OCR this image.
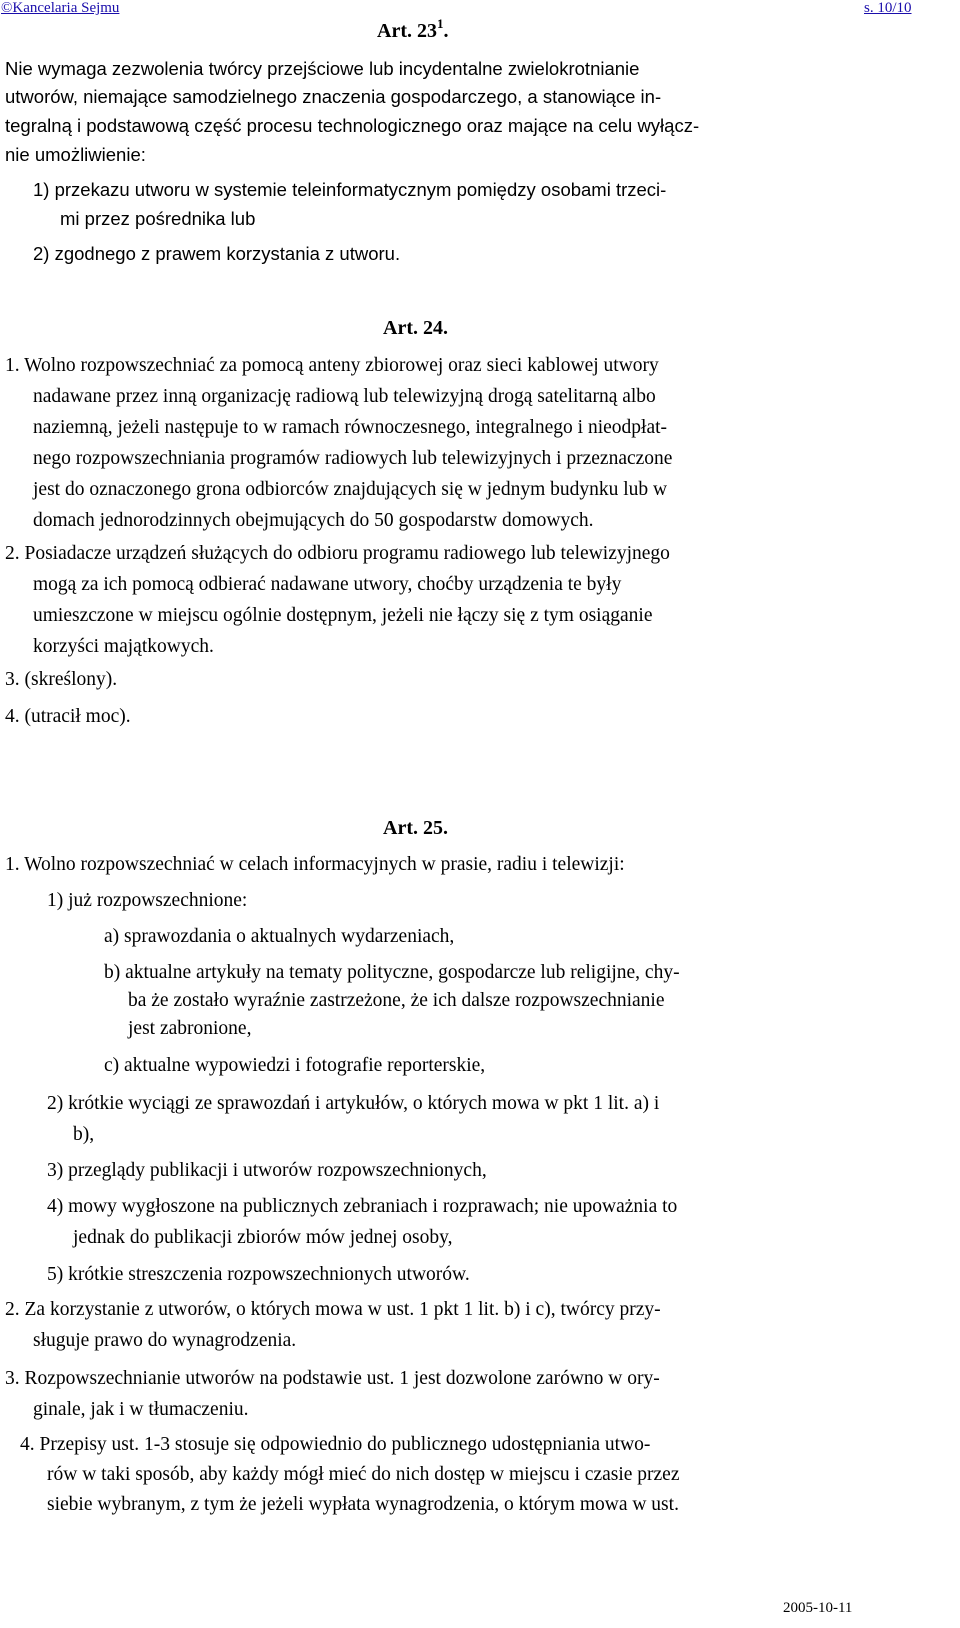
©Kancelaria Sejmu	s. 10/10
Art. $23^1$.
Nie wymaga zezwolenia twórcy przejściowe lub incydentalne zwielokrotnianie
utworów, niemające samodzielnego znaczenia gospodarczego, a stanowiące in-
tegralną i podstawową część procesu technologicznego oraz mające na celu wyłącz-
nie umożliwienie:
1) przekazu utworu w systemie teleinformatycznym pomiędzy osobami trzeci-
mi przez pośrednika lub
2) zgodnego z prawem korzystania z utworu.
Art. 24.
1. Wolno rozpowszechniać za pomocą anteny zbiorowej oraz sieci kablowej utwory
nadawane przez inną organizację radiową lub telewizyjną drogą satelitarną albo
naziemną, jeżeli następuje to w ramach równoczesnego, integralnego i nieodpłat-
nego rozpowszechniania programów radiowych lub telewizyjnych i przeznaczone
jest do oznaczonego grona odbiorców znajdujących się w jednym budynku lub w
domach jednorodzinnych obejmujących do 50 gospodarstw domowych.
2. Posiadacze urządzeń służących do odbioru programu radiowego lub telewizyjnego
mogą za ich pomocą odbierać nadawane utwory, choćby urządzenia te były
umieszczone w miejscu ogólnie dostępnym, jeżeli nie łączy się z tym osiąganie
korzyści majątkowych.
3. (skreślony).
4. (utracił moc).
Art. 25.
1. Wolno rozpowszechniać w celach informacyjnych w prasie, radiu i telewizji:
1) już rozpowszechnione:
a) sprawozdania o aktualnych wydarzeniach,
b) aktualne artykuły na tematy polityczne, gospodarcze lub religijne, chy-
ba że zostało wyraźnie zastrzeżone, że ich dalsze rozpowszechnianie
jest zabronione,
c) aktualne wypowiedzi i fotografie reporterskie,
2) krótkie wyciągi ze sprawozdań i artykułów, o których mowa w pkt 1 lit. a) i
b),
3) przeglądy publikacji i utworów rozpowszechnionych,
4) mowy wygłoszone na publicznych zebraniach i rozprawach; nie upoważnia to
jednak do publikacji zbiorów mów jednej osoby,
5) krótkie streszczenia rozpowszechnionych utworów.
2. Za korzystanie z utworów, o których mowa w ust. 1 pkt 1 lit. b) i c), twórcy przy-
sługuje prawo do wynagrodzenia.
3. Rozpowszechnianie utworów na podstawie ust. 1 jest dozwolone zarówno w ory-
ginale, jak i w tłumaczeniu.
4. Przepisy ust. 1-3 stosuje się odpowiednio do publicznego udostępniania utwo-
rów w taki sposób, aby każdy mógł mieć do nich dostęp w miejscu i czasie przez
siebie wybranym, z tym że jeżeli wypłata wynagrodzenia, o którym mowa w ust.
2005-10-11
